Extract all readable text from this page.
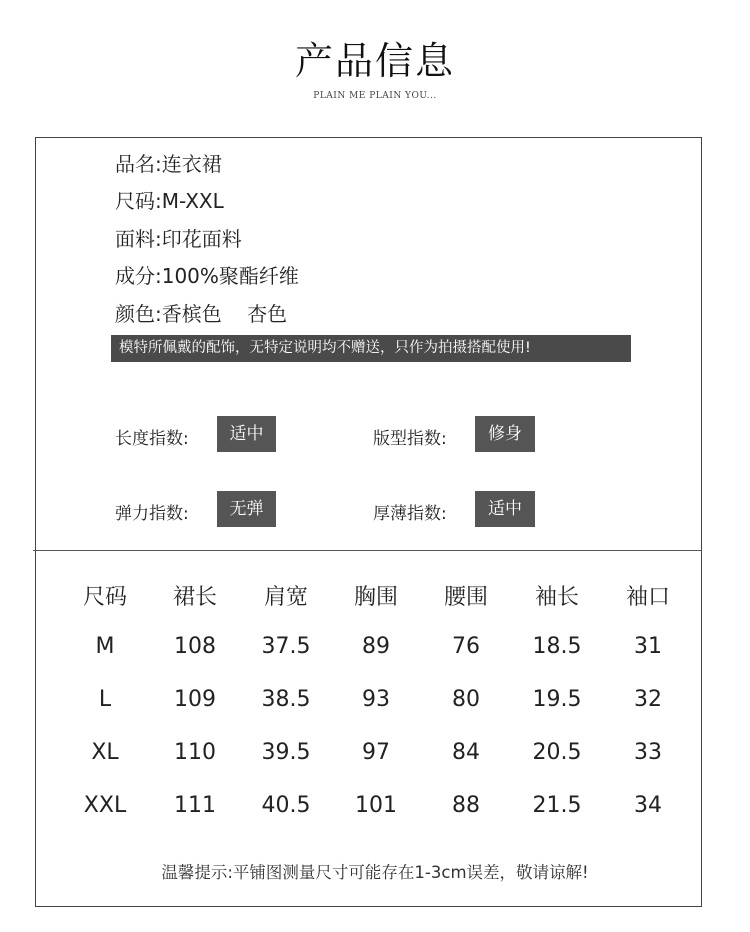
产品信息
PLAIN ME PLAIN YOU...
品名:连衣裙
尺码:M-XXL
面料:印花面料
成分:100%聚酯纤维
颜色:香槟色    杏色
模特所佩戴的配饰，无特定说明均不赠送，只作为拍摄搭配使用!
长度指数:	适中	版型指数:	修身
弹力指数:	无弹	厚薄指数:	适中
尺码	裙长	肩宽	胸围	腰围	袖长	袖口
M	108	37.5	89	76	18.5	31
L	109	38.5	93	80	19.5	32
XL	110	39.5	97	84	20.5	33
XXL	111	40.5	101	88	21.5	34
温馨提示:平铺图测量尺寸可能存在1-3cm误差，敬请谅解!
